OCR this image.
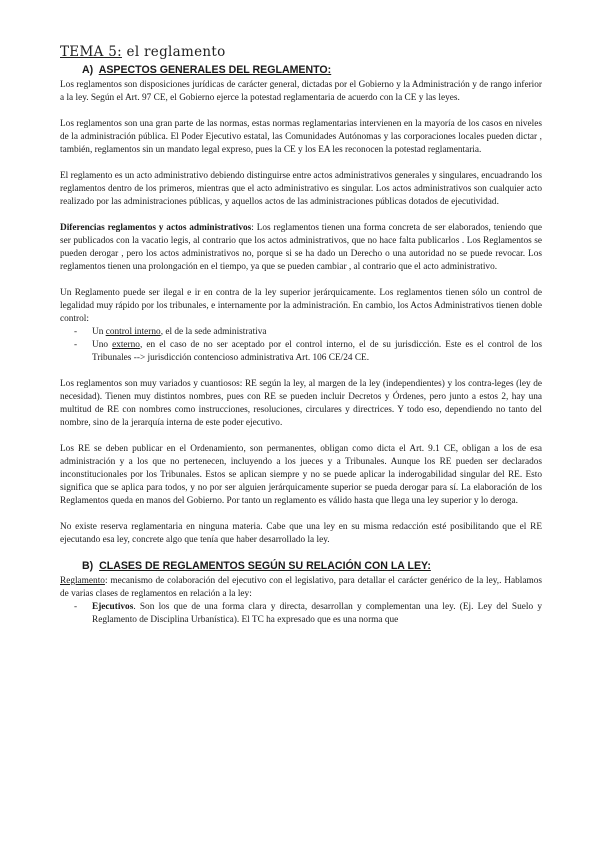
TEMA 5: el reglamento
A) ASPECTOS GENERALES DEL REGLAMENTO:

Los reglamentos son disposiciones jurídicas de carácter general, dictadas por el Gobierno y la Administración y de rango inferior a la ley. Según el Art. 97 CE, el Gobierno ejerce la potestad reglamentaria de acuerdo con la CE y las leyes.

Los reglamentos son una gran parte de las normas, estas normas reglamentarias intervienen en la mayoría de los casos en niveles de la administración pública. El Poder Ejecutivo estatal, las Comunidades Autónomas y las corporaciones locales pueden dictar , también, reglamentos sin un mandato legal expreso, pues la CE y los EA les reconocen la potestad reglamentaria.

El reglamento es un acto administrativo debiendo distinguirse entre actos administrativos generales y singulares, encuadrando los reglamentos dentro de los primeros, mientras que el acto administrativo es singular. Los actos administrativos son cualquier acto realizado por las administraciones públicas, y aquellos actos de las administraciones públicas dotados de ejecutividad.

Diferencias reglamentos y actos administrativos: Los reglamentos tienen una forma concreta de ser elaborados, teniendo que ser publicados con la vacatio legis, al contrario que los actos administrativos, que no hace falta publicarlos . Los Reglamentos se pueden derogar , pero los actos administrativos no, porque si se ha dado un Derecho o una autoridad no se puede revocar. Los reglamentos tienen una prolongación en el tiempo, ya que se pueden cambiar , al contrario que el acto administrativo.

Un Reglamento puede ser ilegal e ir en contra de la ley superior jerárquicamente. Los reglamentos tienen sólo un control de legalidad muy rápido por los tribunales, e internamente por la administración. En cambio, los Actos Administrativos tienen doble control:

- Un control interno, el de la sede administrativa
- Uno externo, en el caso de no ser aceptado por el control interno, el de su jurisdicción. Este es el control de los Tribunales --> jurisdicción contencioso administrativa Art. 106 CE/24 CE.

Los reglamentos son muy variados y cuantiosos: RE según la ley, al margen de la ley (independientes) y los contra-leges (ley de necesidad). Tienen muy distintos nombres, pues con RE se pueden incluir Decretos y Órdenes, pero junto a estos 2, hay una multitud de RE con nombres como instrucciones, resoluciones, circulares y directrices. Y todo eso, dependiendo no tanto del nombre, sino de la jerarquía interna de este poder ejecutivo.

Los RE se deben publicar en el Ordenamiento, son permanentes, obligan como dicta el Art. 9.1 CE, obligan a los de esa administración y a los que no pertenecen, incluyendo a los jueces y a Tribunales. Aunque los RE pueden ser declarados inconstitucionales por los Tribunales. Estos se aplican siempre y no se puede aplicar la inderogabilidad singular del RE. Esto significa que se aplica para todos, y no por ser alguien jerárquicamente superior se pueda derogar para sí. La elaboración de los Reglamentos queda en manos del Gobierno. Por tanto un reglamento es válido hasta que llega una ley superior y lo deroga.

No existe reserva reglamentaria en ninguna materia. Cabe que una ley en su misma redacción esté posibilitando que el RE ejecutando esa ley, concrete algo que tenía que haber desarrollado la ley.

B) CLASES DE REGLAMENTOS SEGÚN SU RELACIÓN CON LA LEY:

Reglamento: mecanismo de colaboración del ejecutivo con el legislativo, para detallar el carácter genérico de la ley,. Hablamos de varias clases de reglamentos en relación a la ley:

- Ejecutivos. Son los que de una forma clara y directa, desarrollan y complementan una ley. (Ej. Ley del Suelo y Reglamento de Disciplina Urbanística). El TC ha expresado que es una norma que
